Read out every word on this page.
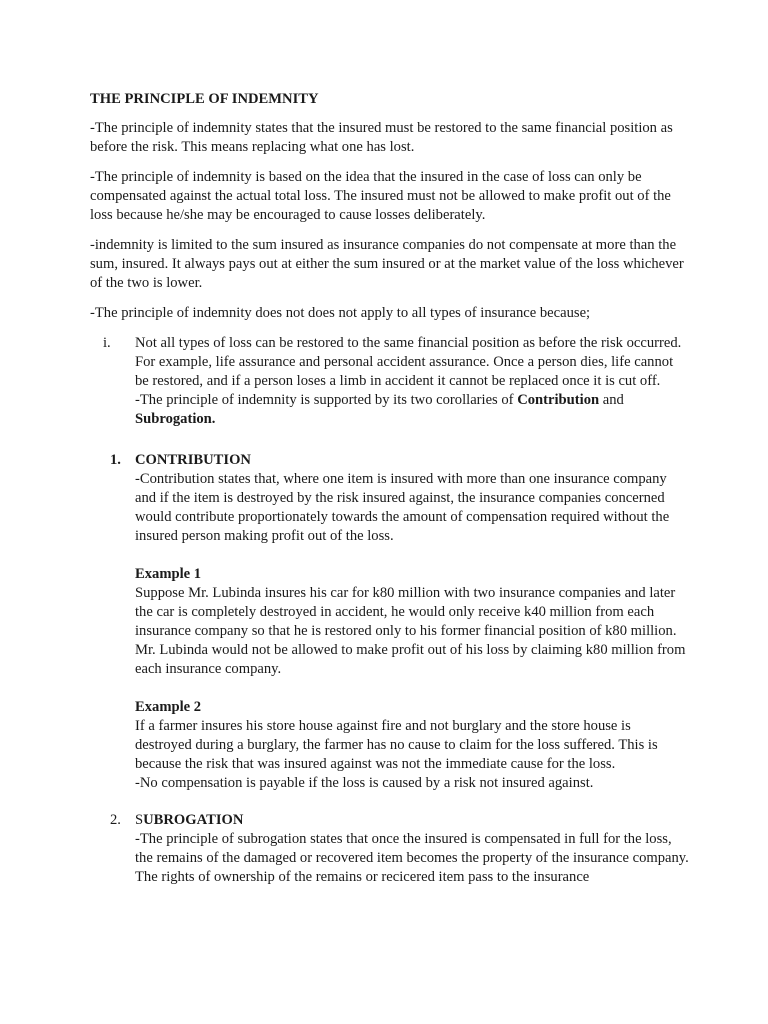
THE PRINCIPLE OF INDEMNITY

-The principle of indemnity states that the insured must be restored to the same financial position as before the risk. This means replacing what one has lost.

-The principle of indemnity is based on the idea that the insured in the case of loss can only be compensated against the actual total loss. The insured must not be allowed to make profit out of the loss because he/she may be encouraged to cause losses deliberately.

-indemnity is limited to the sum insured as insurance companies do not compensate at more than the sum, insured. It always pays out at either the sum insured or at the market value of the loss whichever of the two is lower.

-The principle of indemnity does not does not apply to all types of insurance because;

i. Not all types of loss can be restored to the same financial position as before the risk occurred. For example, life assurance and personal accident assurance. Once a person dies, life cannot be restored, and if a person loses a limb in accident it cannot be replaced once it is cut off.
-The principle of indemnity is supported by its two corollaries of Contribution and Subrogation.
1. CONTRIBUTION
-Contribution states that, where one item is insured with more than one insurance company and if the item is destroyed by the risk insured against, the insurance companies concerned would contribute proportionately towards the amount of compensation required without the insured person making profit out of the loss.
Example 1
Suppose Mr. Lubinda insures his car for k80 million with two insurance companies and later the car is completely destroyed in accident, he would only receive k40 million from each insurance company so that he is restored only to his former financial position of k80 million. Mr. Lubinda would not be allowed to make profit out of his loss by claiming k80 million from each insurance company.
Example 2
If a farmer insures his store house against fire and not burglary and the store house is destroyed during a burglary, the farmer has no cause to claim for the loss suffered. This is because the risk that was insured against was not the immediate cause for the loss.
-No compensation is payable if the loss is caused by a risk not insured against.
2. SUBROGATION
-The principle of subrogation states that once the insured is compensated in full for the loss, the remains of the damaged or recovered item becomes the property of the insurance company. The rights of ownership of the remains or recicered item pass to the insurance
